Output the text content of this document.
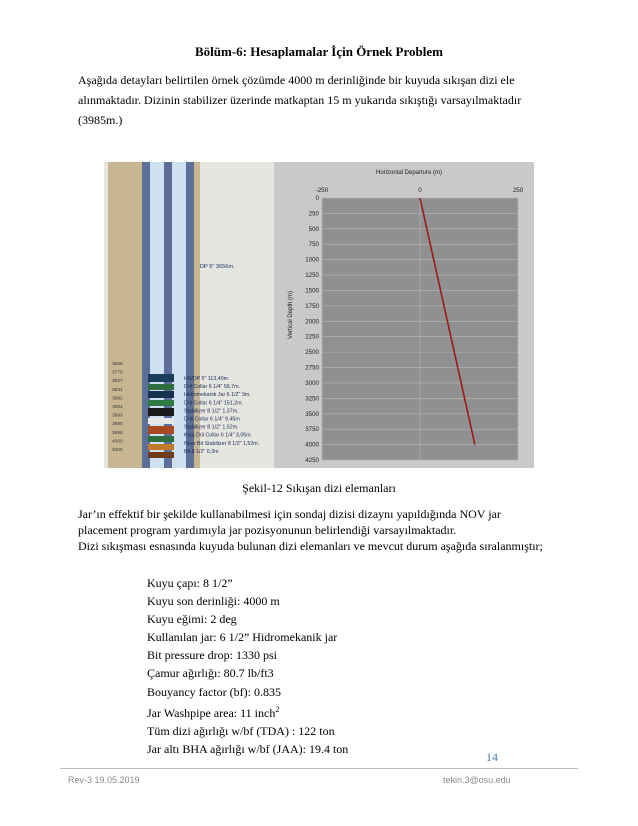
Bölüm-6: Hesaplamalar İçin Örnek Problem
Aşağıda detayları belirtilen örnek çözümde 4000 m derinliğinde bir kuyuda sıkışan dizi ele
alınmaktadır. Dizinin stabilizer üzerinde matkaptan 15 m yukarıda sıkıştığı varsayılmaktadır
(3985m.)
DP 5" 3656m.
3656
3770
3827
3831
3982
3984
3993
3995
3998
4000
4000
HWDP 5" 113,40m.
Dril Collar 6 1/4" 56,7m.
Hidromekanik Jar 6 1/2" 9m.
Dril Collar 6 1/4" 151,2m.
Stabilizer 8 1/2" 1,37m.
Drill Collar 6 1/4" 9,45m
Stabilizer 8 1/2" 1,52m.
Kısa Dril Collar 6 1/4" 3,05m.
Near Bit Stabilizer 8 1/2" 1,52m.
Bit 8 1/2" 0,3m
Horizontal Departure (m)
Vertical Depth (m)
-250	0	250
0
250
500
750
1000
1250
1500
1750
2000
2250
2500
2750
3000
3250
3500
3750
4000
4250
Şekil-12 Sıkışan dizi elemanları

Jar’ın effektif bir şekilde kullanabilmesi için sondaj dizisi dizaynı yapıldığında NOV jar

placement program yardımıyla jar pozisyonunun belirlendiği varsayılmaktadır.

Dizi sıkışması esnasında kuyuda bulunan dizi elemanları ve mevcut durum aşağıda sıralanmıştır;

Kuyu çapı: 8 1/2”
Kuyu son derinliği: 4000 m
Kuyu eğimi: 2 deg
Kullanılan jar: 6 1/2” Hidromekanik jar
Bit pressure drop: 1330 psi
Çamur ağırlığı: 80.7 lb/ft3
Bouyancy factor (bf): 0.835
Jar Washpipe area: 11 inch$^2$
Tüm dizi ağırlığı w/bf (TDA) : 122 ton
Jar altı BHA ağırlığı w/bf (JAA): 19.4 ton
14
Rev-3 19.05.2019	tekin.3@osu.edu
